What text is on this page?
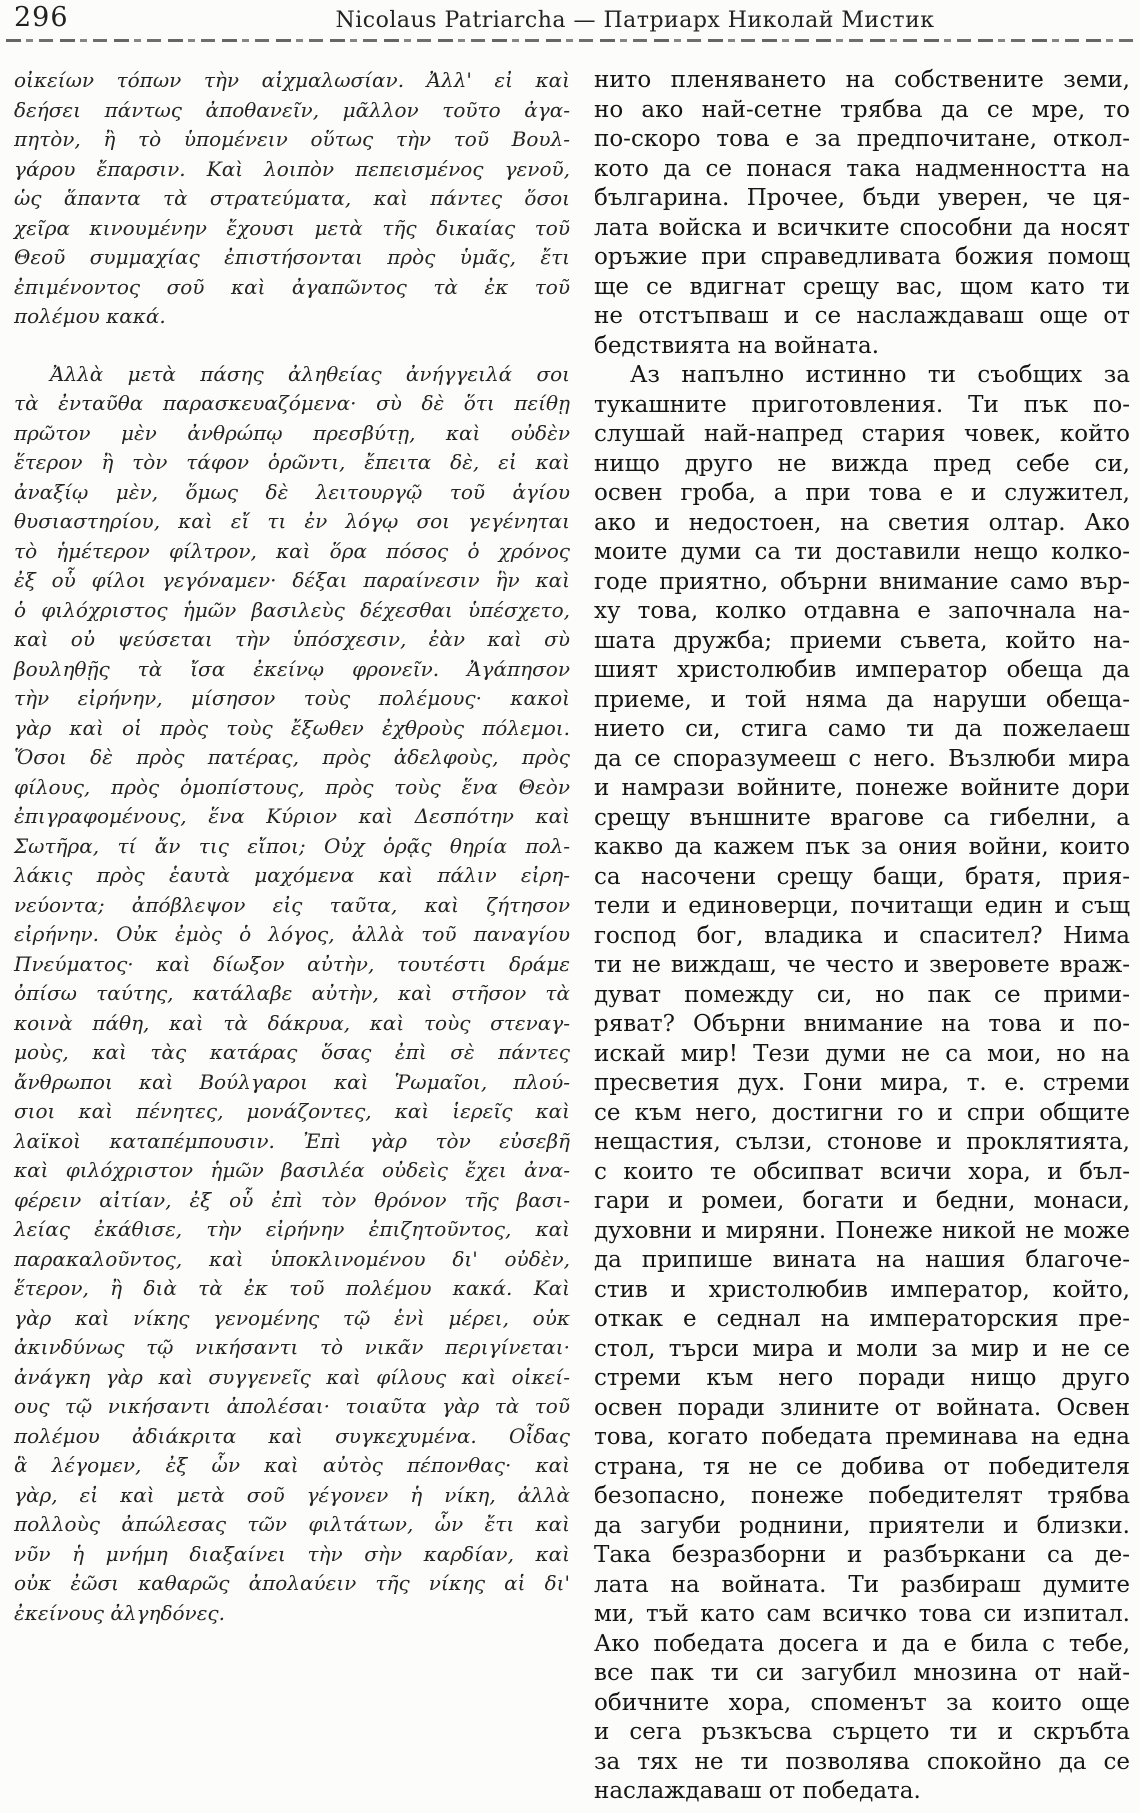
296	Nicolaus Patriarcha — Патриарх Николай Мистик
οἰκείων τόπων τὴν αἰχμαλωσίαν. Ἀλλ' εἰ καὶ
δεήσει πάντως ἀποθανεῖν, μᾶλλον τοῦτο ἀγα-
πητὸν, ἢ τὸ ὑπομένειν οὕτως τὴν τοῦ Βουλ-
γάρου ἔπαρσιν. Καὶ λοιπὸν πεπεισμένος γενοῦ,
ὡς ἅπαντα τὰ στρατεύματα, καὶ πάντες ὅσοι
χεῖρα κινουμένην ἔχουσι μετὰ τῆς δικαίας τοῦ
Θεοῦ συμμαχίας ἐπιστήσονται πρὸς ὑμᾶς, ἔτι
ἐπιμένοντος σοῦ καὶ ἀγαπῶντος τὰ ἐκ τοῦ
πολέμου κακά.
Ἀλλὰ μετὰ πάσης ἀληθείας ἀνήγγειλά σοι
τὰ ἐνταῦθα παρασκευαζόμενα· σὺ δὲ ὅτι πείθῃ
πρῶτον μὲν ἀνθρώπῳ πρεσβύτῃ, καὶ οὐδὲν
ἕτερον ἢ τὸν τάφον ὁρῶντι, ἔπειτα δὲ, εἰ καὶ
ἀναξίῳ μὲν, ὅμως δὲ λειτουργῷ τοῦ ἁγίου
θυσιαστηρίου, καὶ εἴ τι ἐν λόγῳ σοι γεγένηται
τὸ ἡμέτερον φίλτρον, καὶ ὅρα πόσος ὁ χρόνος
ἐξ οὗ φίλοι γεγόναμεν· δέξαι παραίνεσιν ἣν καὶ
ὁ φιλόχριστος ἡμῶν βασιλεὺς δέχεσθαι ὑπέσχετο,
καὶ οὐ ψεύσεται τὴν ὑπόσχεσιν, ἐὰν καὶ σὺ
βουληθῇς τὰ ἴσα ἐκείνῳ φρονεῖν. Ἀγάπησον
τὴν εἰρήνην, μίσησον τοὺς πολέμους· κακοὶ
γὰρ καὶ οἱ πρὸς τοὺς ἔξωθεν ἐχθροὺς πόλεμοι.
Ὅσοι δὲ πρὸς πατέρας, πρὸς ἀδελφοὺς, πρὸς
φίλους, πρὸς ὁμοπίστους, πρὸς τοὺς ἕνα Θεὸν
ἐπιγραφομένους, ἕνα Κύριον καὶ Δεσπότην καὶ
Σωτῆρα, τί ἄν τις εἴποι; Οὐχ ὁρᾷς θηρία πολ-
λάκις πρὸς ἑαυτὰ μαχόμενα καὶ πάλιν εἰρη-
νεύοντα; ἀπόβλεψον εἰς ταῦτα, καὶ ζήτησον
εἰρήνην. Οὐκ ἐμὸς ὁ λόγος, ἀλλὰ τοῦ παναγίου
Πνεύματος· καὶ δίωξον αὐτὴν, τουτέστι δράμε
ὀπίσω ταύτης, κατάλαβε αὐτὴν, καὶ στῆσον τὰ
κοινὰ πάθη, καὶ τὰ δάκρυα, καὶ τοὺς στεναγ-
μοὺς, καὶ τὰς κατάρας ὅσας ἐπὶ σὲ πάντες
ἄνθρωποι καὶ Βούλγαροι καὶ Ῥωμαῖοι, πλού-
σιοι καὶ πένητες, μονάζοντες, καὶ ἱερεῖς καὶ
λαϊκοὶ καταπέμπουσιν. Ἐπὶ γὰρ τὸν εὐσεβῆ
καὶ φιλόχριστον ἡμῶν βασιλέα οὐδεὶς ἔχει ἀνα-
φέρειν αἰτίαν, ἐξ οὗ ἐπὶ τὸν θρόνον τῆς βασι-
λείας ἐκάθισε, τὴν εἰρήνην ἐπιζητοῦντος, καὶ
παρακαλοῦντος, καὶ ὑποκλινομένου δι' οὐδὲν,
ἕτερον, ἢ διὰ τὰ ἐκ τοῦ πολέμου κακά. Καὶ
γὰρ καὶ νίκης γενομένης τῷ ἑνὶ μέρει, οὐκ
ἀκινδύνως τῷ νικήσαντι τὸ νικᾶν περιγίνεται·
ἀνάγκη γὰρ καὶ συγγενεῖς καὶ φίλους καὶ οἰκεί-
ους τῷ νικήσαντι ἀπολέσαι· τοιαῦτα γὰρ τὰ τοῦ
πολέμου ἀδιάκριτα καὶ συγκεχυμένα. Οἶδας
ἃ λέγομεν, ἐξ ὧν καὶ αὐτὸς πέπονθας· καὶ
γὰρ, εἰ καὶ μετὰ σοῦ γέγονεν ἡ νίκη, ἀλλὰ
πολλοὺς ἀπώλεσας τῶν φιλτάτων, ὧν ἔτι καὶ
νῦν ἡ μνήμη διαξαίνει τὴν σὴν καρδίαν, καὶ
οὐκ ἐῶσι καθαρῶς ἀπολαύειν τῆς νίκης αἱ δι'
ἐκείνους ἀλγηδόνες.
нито пленяването на собствените земи,
но ако най-сетне трябва да се мре, то
по-скоро това е за предпочитане, откол-
кото да се понася така надменността на
българина. Прочее, бъди уверен, че ця-
лата войска и всичките способни да носят
оръжие при справедливата божия помощ
ще се вдигнат срещу вас, щом като ти
не отстъпваш и се наслаждаваш още от
бедствията на войната.
Аз напълно истинно ти съобщих за
тукашните приготовления. Ти пък по-
слушай най-напред стария човек, който
нищо друго не вижда пред себе си,
освен гроба, а при това е и служител,
ако и недостоен, на светия олтар. Ако
моите думи са ти доставили нещо колко-
годе приятно, обърни внимание само вър-
ху това, колко отдавна е започнала на-
шата дружба; приеми съвета, който на-
шият христолюбив император обеща да
приеме, и той няма да наруши обеща-
нието си, стига само ти да пожелаеш
да се споразумееш с него. Възлюби мира
и намрази войните, понеже войните дори
срещу външните врагове са гибелни, а
какво да кажем пък за ония войни, които
са насочени срещу бащи, братя, прия-
тели и единоверци, почитащи един и същ
господ бог, владика и спасител? Нима
ти не виждаш, че често и зверовете враж-
дуват помежду си, но пак се прими-
ряват? Обърни внимание на това и по-
искай мир! Тези думи не са мои, но на
пресветия дух. Гони мира, т. е. стреми
се към него, достигни го и спри общите
нещастия, сълзи, стонове и проклятията,
с които те обсипват всичи хора, и бъл-
гари и ромеи, богати и бедни, монаси,
духовни и миряни. Понеже никой не може
да припише вината на нашия благоче-
стив и христолюбив император, който,
откак е седнал на императорския пре-
стол, търси мира и моли за мир и не се
стреми към него поради нищо друго
освен поради злините от войната. Освен
това, когато победата преминава на една
страна, тя не се добива от победителя
безопасно, понеже победителят трябва
да загуби роднини, приятели и близки.
Така безразборни и разбъркани са де-
лата на войната. Ти разбираш думите
ми, тъй като сам всичко това си изпитал.
Ако победата досега и да е била с тебе,
все пак ти си загубил мнозина от най-
обичните хора, споменът за които още
и сега ръзкъсва сърцето ти и скръбта
за тях не ти позволява спокойно да се
наслаждаваш от победата.
